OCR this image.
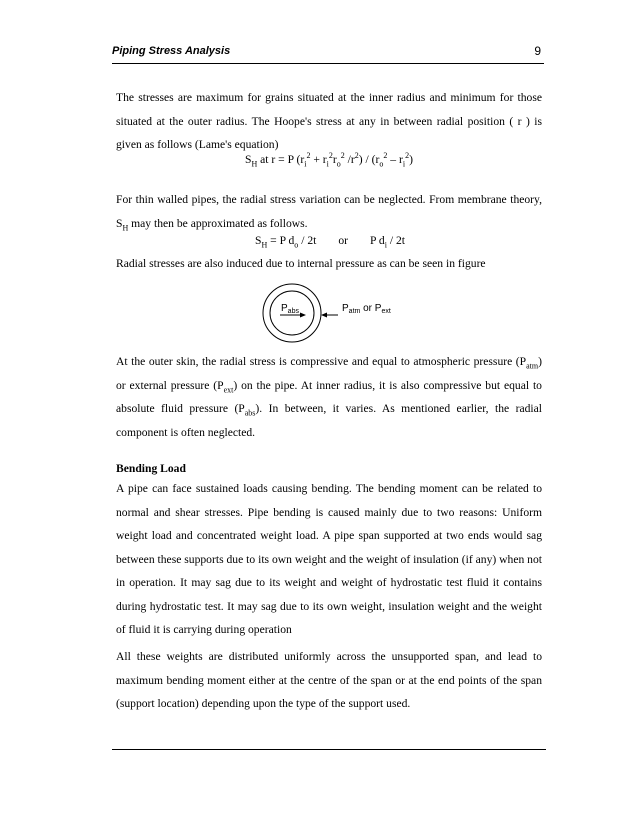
Piping Stress Analysis	9

The stresses are maximum for grains situated at the inner radius and minimum for those situated at the outer radius. The Hoope's stress at any in between radial position ( r ) is given as follows (Lame's equation)

$S_H$ at r = P ($r_i^2 + r_i^2r_o^2$ $/r^2) / (r_o^2 - r_i^2)$

For thin walled pipes, the radial stress variation can be neglected. From membrane theory, $S_H$ may then be approximated as follows.

$S_H = P$ $d_o / 2t$ or P $d_i / 2t$

Radial stresses are also induced due to internal pressure as can be seen in figure

$P_{abs}$	$P_{atm}$ or $P_{ext}$

At the outer skin, the radial stress is compressive and equal to atmospheric pressure $(P_{atm})$ or external pressure $(P_{ext})$ on the pipe. At inner radius, it is also compressive but equal to absolute fluid pressure $(P_{abs})$. In between, it varies. As mentioned earlier, the radial component is often neglected.

Bending Load

A pipe can face sustained loads causing bending. The bending moment can be related to normal and shear stresses. Pipe bending is caused mainly due to two reasons: Uniform weight load and concentrated weight load. A pipe span supported at two ends would sag between these supports due to its own weight and the weight of insulation (if any) when not in operation. It may sag due to its weight and weight of hydrostatic test fluid it contains during hydrostatic test. It may sag due to its own weight, insulation weight and the weight of fluid it is carrying during operation

All these weights are distributed uniformly across the unsupported span, and lead to maximum bending moment either at the centre of the span or at the end points of the span (support location) depending upon the type of the support used.
